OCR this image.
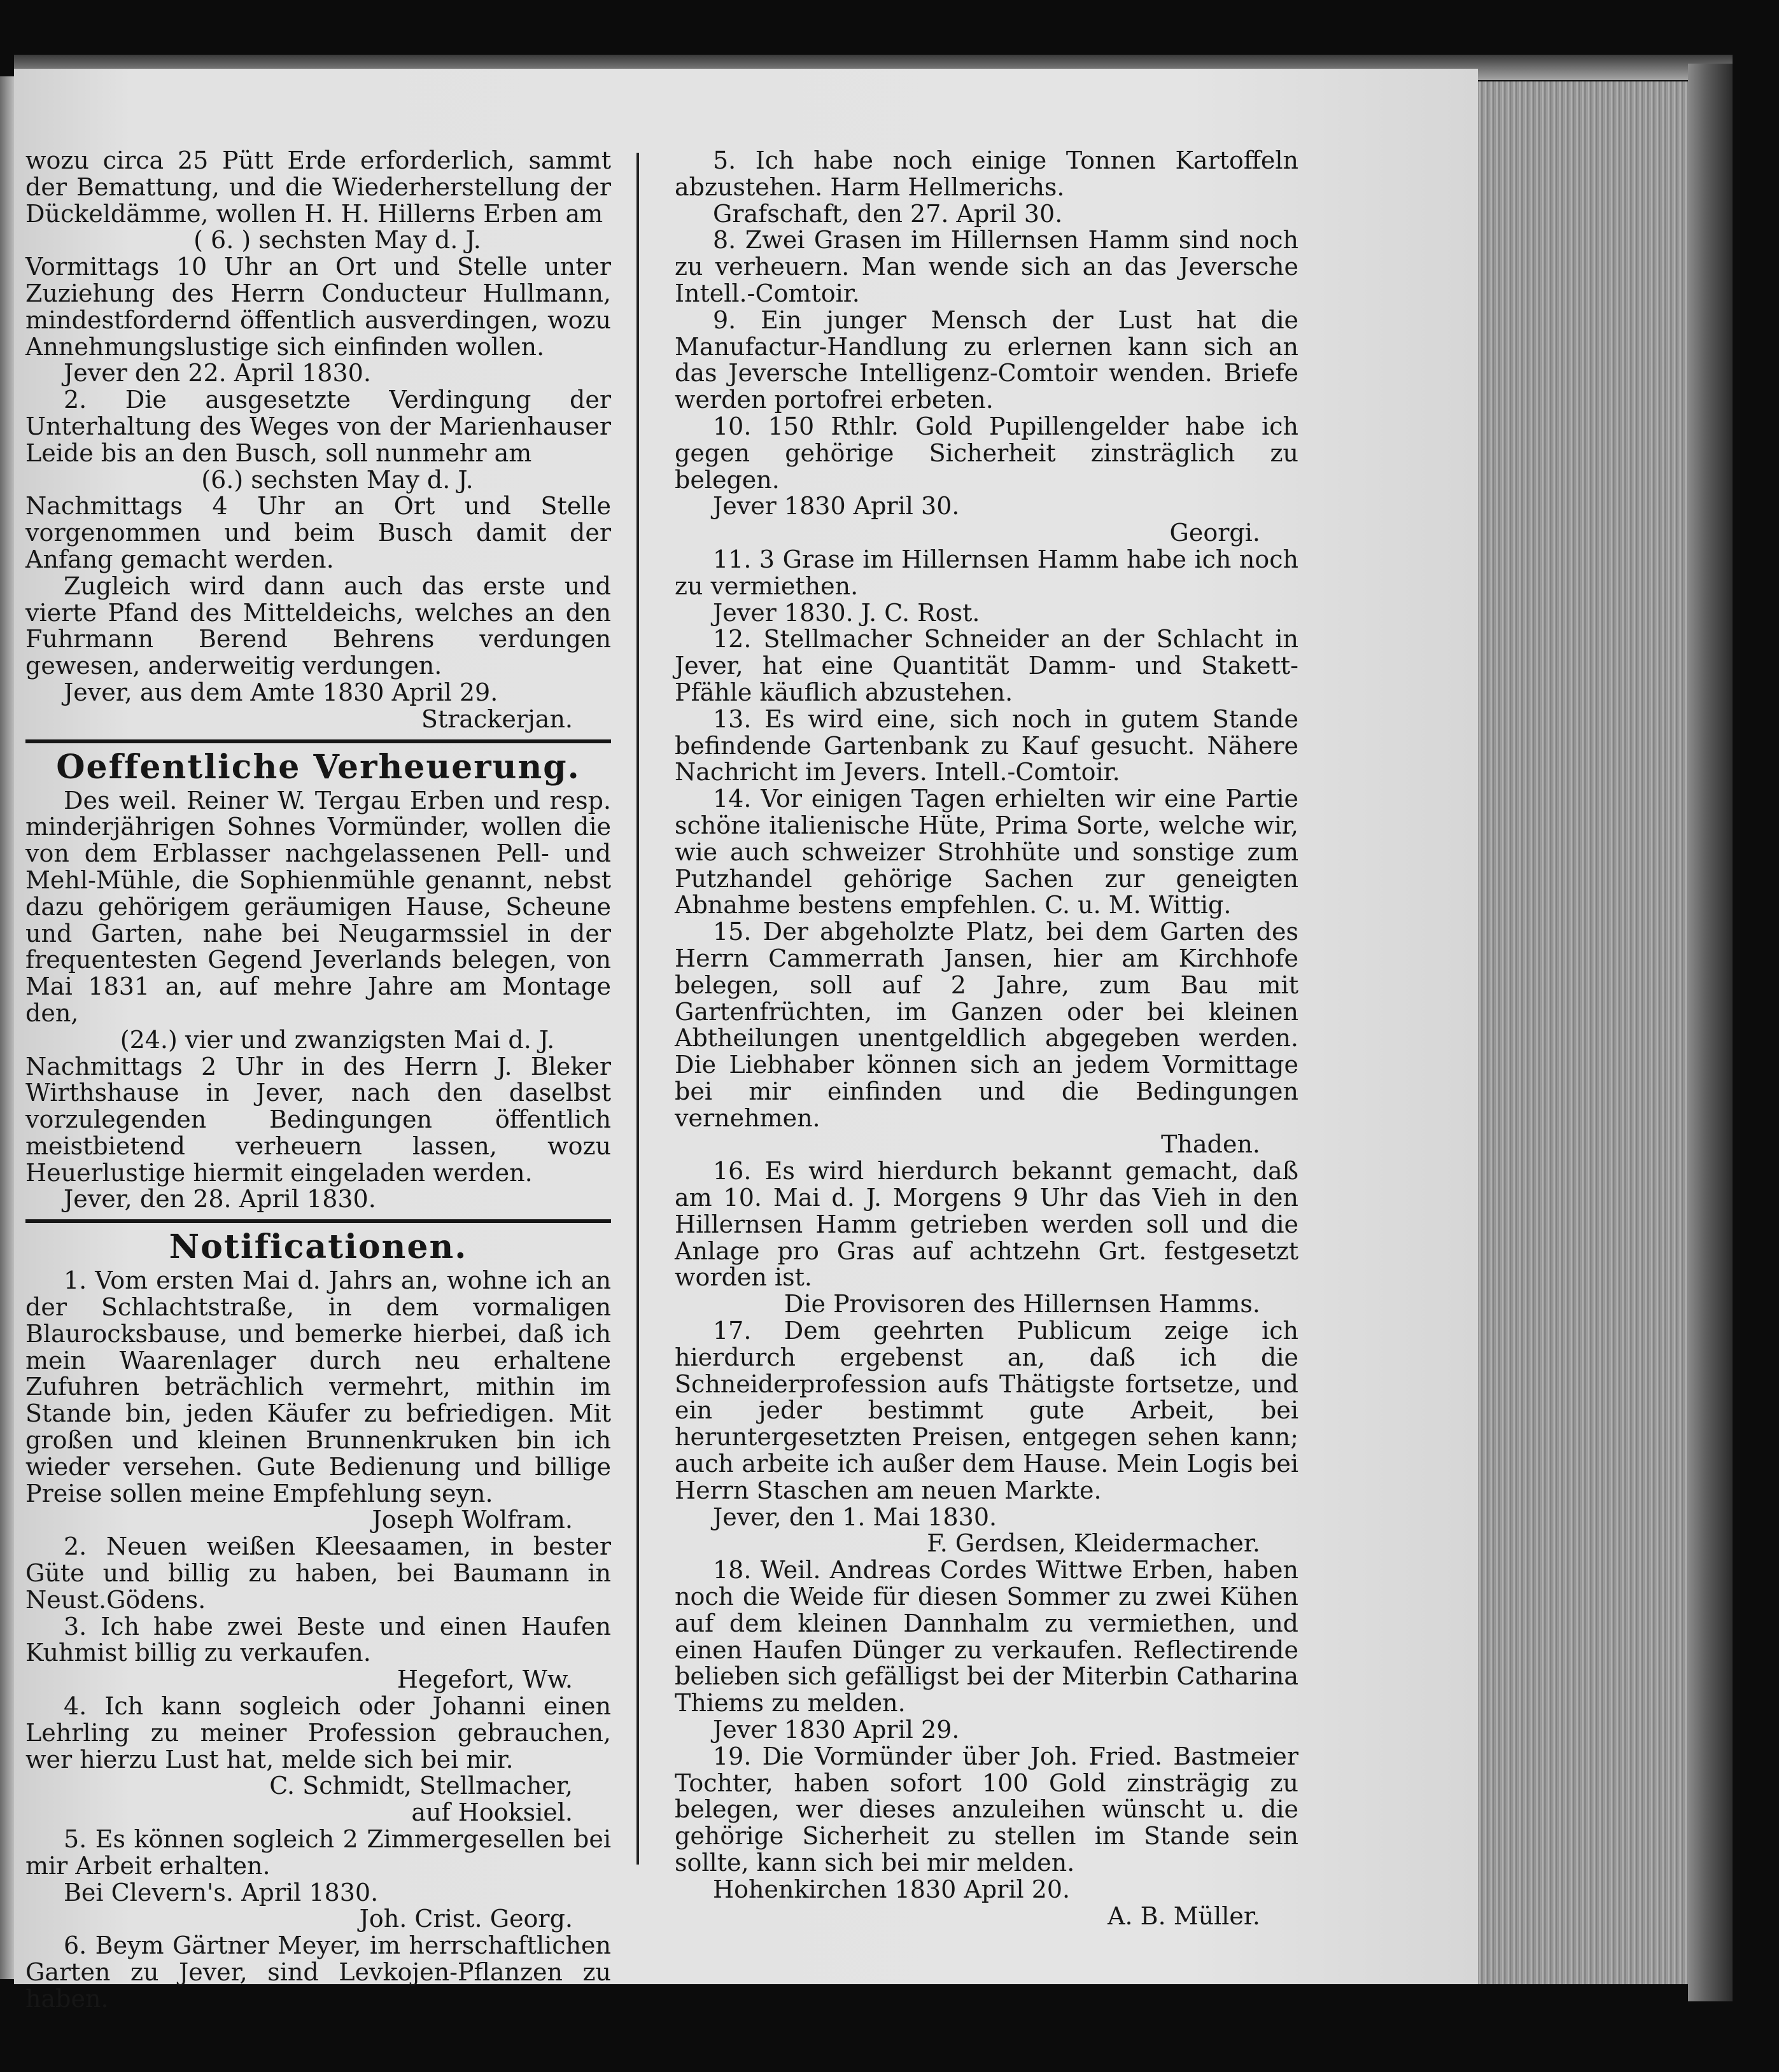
wozu circa 25 Pütt Erde erforderlich, sammt der Bemattung, und die Wiederherstellung der Dückeldämme, wollen H. H. Hillerns Erben am

( 6. ) sechsten May d. J.

Vormittags 10 Uhr an Ort und Stelle unter Zuziehung des Herrn Conducteur Hullmann, mindestfordernd öffentlich ausverdingen, wozu Annehmungslustige sich einfinden wollen.

Jever den 22. April 1830.

2. Die ausgesetzte Verdingung der Unterhaltung des Weges von der Marienhauser Leide bis an den Busch, soll nunmehr am

(6.) sechsten May d. J.

Nachmittags 4 Uhr an Ort und Stelle vorgenommen und beim Busch damit der Anfang gemacht werden.

Zugleich wird dann auch das erste und vierte Pfand des Mitteldeichs, welches an den Fuhrmann Berend Behrens verdungen gewesen, anderweitig verdungen.

Jever, aus dem Amte 1830 April 29.

Strackerjan.

Oeffentliche Verheuerung.

Des weil. Reiner W. Tergau Erben und resp. minderjährigen Sohnes Vormünder, wollen die von dem Erblasser nachgelassenen Pell- und Mehl-Mühle, die Sophienmühle genannt, nebst dazu gehörigem geräumigen Hause, Scheune und Garten, nahe bei Neugarmssiel in der frequentesten Gegend Jeverlands belegen, von Mai 1831 an, auf mehre Jahre am Montage den,

(24.) vier und zwanzigsten Mai d. J.

Nachmittags 2 Uhr in des Herrn J. Bleker Wirthshause in Jever, nach den daselbst vorzulegenden Bedingungen öffentlich meistbietend verheuern lassen, wozu Heuerlustige hiermit eingeladen werden.

Jever, den 28. April 1830.

Notificationen.

1. Vom ersten Mai d. Jahrs an, wohne ich an der Schlachtstraße, in dem vormaligen Blaurocksbause, und bemerke hierbei, daß ich mein Waarenlager durch neu erhaltene Zufuhren beträchlich vermehrt, mithin im Stande bin, jeden Käufer zu befriedigen. Mit großen und kleinen Brunnenkruken bin ich wieder versehen. Gute Bedienung und billige Preise sollen meine Empfehlung seyn.

Joseph Wolfram.

2. Neuen weißen Kleesaamen, in bester Güte und billig zu haben, bei Baumann in Neust.Gödens.

3. Ich habe zwei Beste und einen Haufen Kuhmist billig zu verkaufen.

Hegefort, Ww.

4. Ich kann sogleich oder Johanni einen Lehrling zu meiner Profession gebrauchen, wer hierzu Lust hat, melde sich bei mir.

C. Schmidt, Stellmacher,

auf Hooksiel.

5. Es können sogleich 2 Zimmergesellen bei mir Arbeit erhalten.

Bei Clevern's. April 1830.

Joh. Crist. Georg.

6. Beym Gärtner Meyer, im herrschaftlichen Garten zu Jever, sind Levkojen-Pflanzen zu haben.

5. Ich habe noch einige Tonnen Kartoffeln abzustehen. Harm Hellmerichs.

Grafschaft, den 27. April 30.

8. Zwei Grasen im Hillernsen Hamm sind noch zu verheuern. Man wende sich an das Jeversche Intell.-Comtoir.

9. Ein junger Mensch der Lust hat die Manufactur-Handlung zu erlernen kann sich an das Jeversche Intelligenz-Comtoir wenden. Briefe werden portofrei erbeten.

10. 150 Rthlr. Gold Pupillengelder habe ich gegen gehörige Sicherheit zinsträglich zu belegen.

Jever 1830 April 30.

Georgi.

11. 3 Grase im Hillernsen Hamm habe ich noch zu vermiethen.

Jever 1830. J. C. Rost.

12. Stellmacher Schneider an der Schlacht in Jever, hat eine Quantität Damm- und Stakett-Pfähle käuflich abzustehen.

13. Es wird eine, sich noch in gutem Stande befindende Gartenbank zu Kauf gesucht. Nähere Nachricht im Jevers. Intell.-Comtoir.

14. Vor einigen Tagen erhielten wir eine Partie schöne italienische Hüte, Prima Sorte, welche wir, wie auch schweizer Strohhüte und sonstige zum Putzhandel gehörige Sachen zur geneigten Abnahme bestens empfehlen. C. u. M. Wittig.

15. Der abgeholzte Platz, bei dem Garten des Herrn Cammerrath Jansen, hier am Kirchhofe belegen, soll auf 2 Jahre, zum Bau mit Gartenfrüchten, im Ganzen oder bei kleinen Abtheilungen unentgeldlich abgegeben werden. Die Liebhaber können sich an jedem Vormittage bei mir einfinden und die Bedingungen vernehmen.

Thaden.

16. Es wird hierdurch bekannt gemacht, daß am 10. Mai d. J. Morgens 9 Uhr das Vieh in den Hillernsen Hamm getrieben werden soll und die Anlage pro Gras auf achtzehn Grt. festgesetzt worden ist.

Die Provisoren des Hillernsen Hamms.

17. Dem geehrten Publicum zeige ich hierdurch ergebenst an, daß ich die Schneiderprofession aufs Thätigste fortsetze, und ein jeder bestimmt gute Arbeit, bei heruntergesetzten Preisen, entgegen sehen kann; auch arbeite ich außer dem Hause. Mein Logis bei Herrn Staschen am neuen Markte.

Jever, den 1. Mai 1830.

F. Gerdsen, Kleidermacher.

18. Weil. Andreas Cordes Wittwe Erben, haben noch die Weide für diesen Sommer zu zwei Kühen auf dem kleinen Dannhalm zu vermiethen, und einen Haufen Dünger zu verkaufen. Reflectirende belieben sich gefälligst bei der Miterbin Catharina Thiems zu melden.

Jever 1830 April 29.

19. Die Vormünder über Joh. Fried. Bastmeier Tochter, haben sofort 100 Gold zinsträgig zu belegen, wer dieses anzuleihen wünscht u. die gehörige Sicherheit zu stellen im Stande sein sollte, kann sich bei mir melden.

Hohenkirchen 1830 April 20.

A. B. Müller.
